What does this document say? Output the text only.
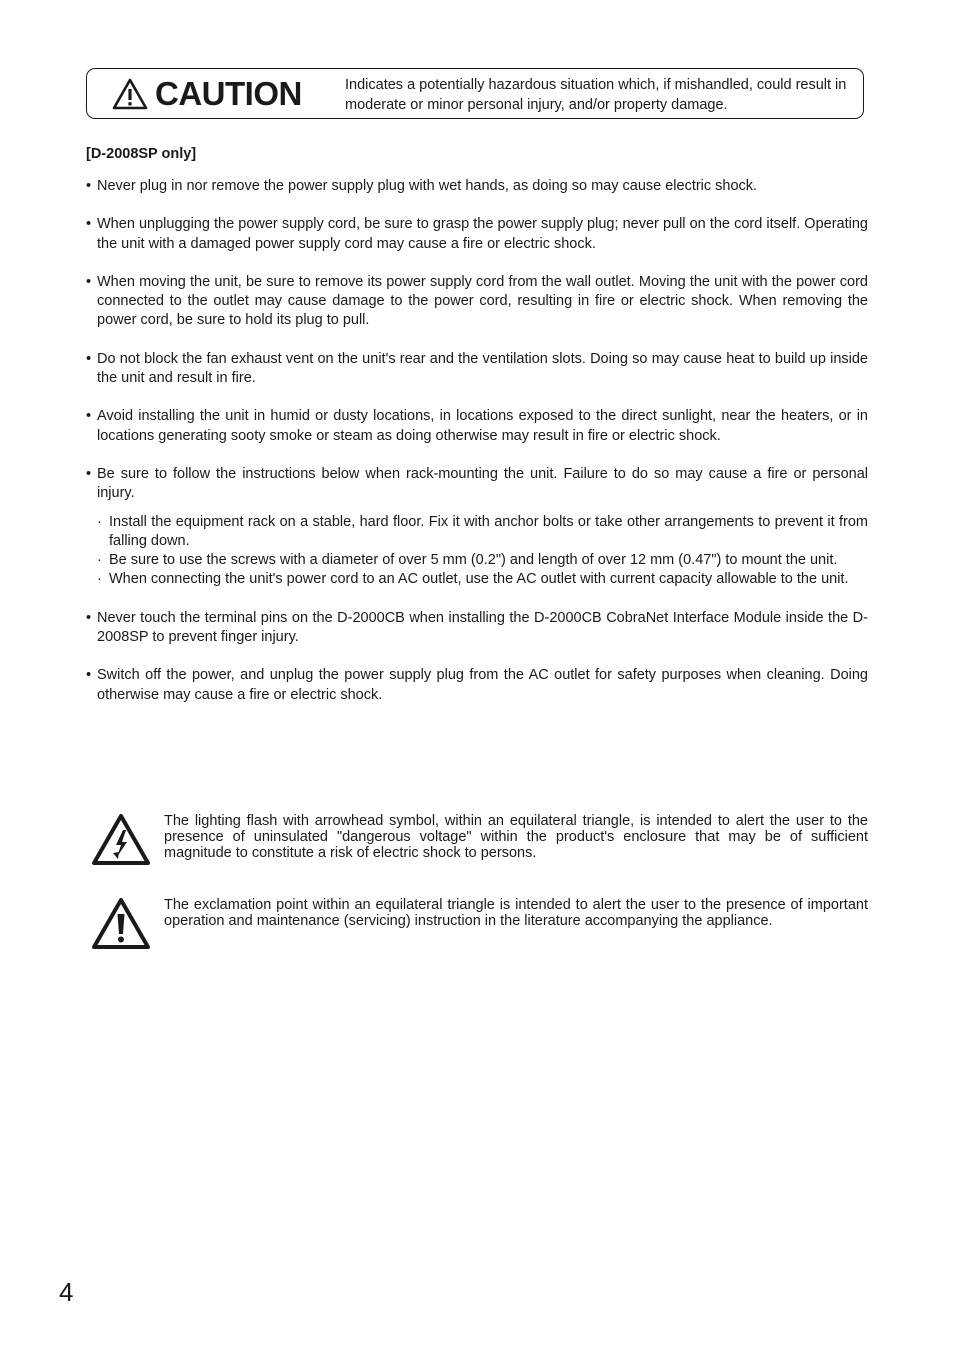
CAUTION	Indicates a potentially hazardous situation which, if mishandled, could result in moderate or minor personal injury, and/or property damage.
[D-2008SP only]
• Never plug in nor remove the power supply plug with wet hands, as doing so may cause electric shock.
• When unplugging the power supply cord, be sure to grasp the power supply plug; never pull on the cord itself. Operating the unit with a damaged power supply cord may cause a fire or electric shock.
• When moving the unit, be sure to remove its power supply cord from the wall outlet. Moving the unit with the power cord connected to the outlet may cause damage to the power cord, resulting in fire or electric shock. When removing the power cord, be sure to hold its plug to pull.
• Do not block the fan exhaust vent on the unit's rear and the ventilation slots. Doing so may cause heat to build up inside the unit and result in fire.
• Avoid installing the unit in humid or dusty locations, in locations exposed to the direct sunlight, near the heaters, or in locations generating sooty smoke or steam as doing otherwise may result in fire or electric shock.
• Be sure to follow the instructions below when rack-mounting the unit. Failure to do so may cause a fire or personal injury.
· Install the equipment rack on a stable, hard floor. Fix it with anchor bolts or take other arrangements to prevent it from falling down.
· Be sure to use the screws with a diameter of over 5 mm (0.2") and length of over 12 mm (0.47") to mount the unit.
· When connecting the unit's power cord to an AC outlet, use the AC outlet with current capacity allowable to the unit.
• Never touch the terminal pins on the D-2000CB when installing the D-2000CB CobraNet Interface Module inside the D-2008SP to prevent finger injury.
• Switch off the power, and unplug the power supply plug from the AC outlet for safety purposes when cleaning. Doing otherwise may cause a fire or electric shock.
The lighting flash with arrowhead symbol, within an equilateral triangle, is intended to alert the user to the presence of uninsulated "dangerous voltage" within the product's enclosure that may be of sufficient magnitude to constitute a risk of electric shock to persons.
The exclamation point within an equilateral triangle is intended to alert the user to the presence of important operation and maintenance (servicing) instruction in the literature accompanying the appliance.
4
